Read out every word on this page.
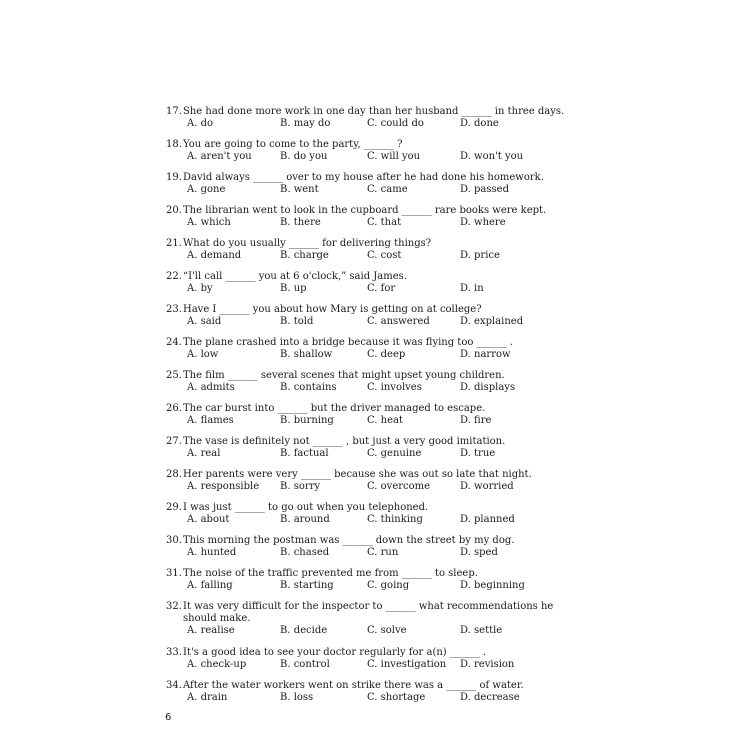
17.She had done more work in one day than her husband ______ in three days.
A. do	B. may do	C. could do	D. done
18.You are going to come to the party, ______ ?
A. aren't you	B. do you	C. will you	D. won't you
19.David always ______ over to my house after he had done his homework.
A. gone	B. went	C. came	D. passed
20.The librarian went to look in the cupboard ______ rare books were kept.
A. which	B. there	C. that	D. where
21.What do you usually ______ for delivering things?
A. demand	B. charge	C. cost	D. price
22.“I'll call ______ you at 6 o'clock,” said James.
A. by	B. up	C. for	D. in
23.Have I ______ you about how Mary is getting on at college?
A. said	B. told	C. answered	D. explained
24.The plane crashed into a bridge because it was flying too ______ .
A. low	B. shallow	C. deep	D. narrow
25.The film ______ several scenes that might upset young children.
A. admits	B. contains	C. involves	D. displays
26.The car burst into ______ but the driver managed to escape.
A. flames	B. burning	C. heat	D. fire
27.The vase is definitely not ______ , but just a very good imitation.
A. real	B. factual	C. genuine	D. true
28.Her parents were very ______ because she was out so late that night.
A. responsible B. sorry	C. overcome	D. worried
29.I was just ______ to go out when you telephoned.
A. about	B. around	C. thinking	D. planned
30.This morning the postman was ______ down the street by my dog.
A. hunted	B. chased	C. run	D. sped
31.The noise of the traffic prevented me from ______ to sleep.
A. falling	B. starting	C. going	D. beginning
32.It was very difficult for the inspector to ______ what recommendations he
should make.
A. realise	B. decide	C. solve	D. settle
33.It's a good idea to see your doctor regularly for a(n) ______ .
A. check-up	B. control	C. investigation D. revision
34.After the water workers went on strike there was a ______ of water.
A. drain	B. loss	C. shortage	D. decrease
6
